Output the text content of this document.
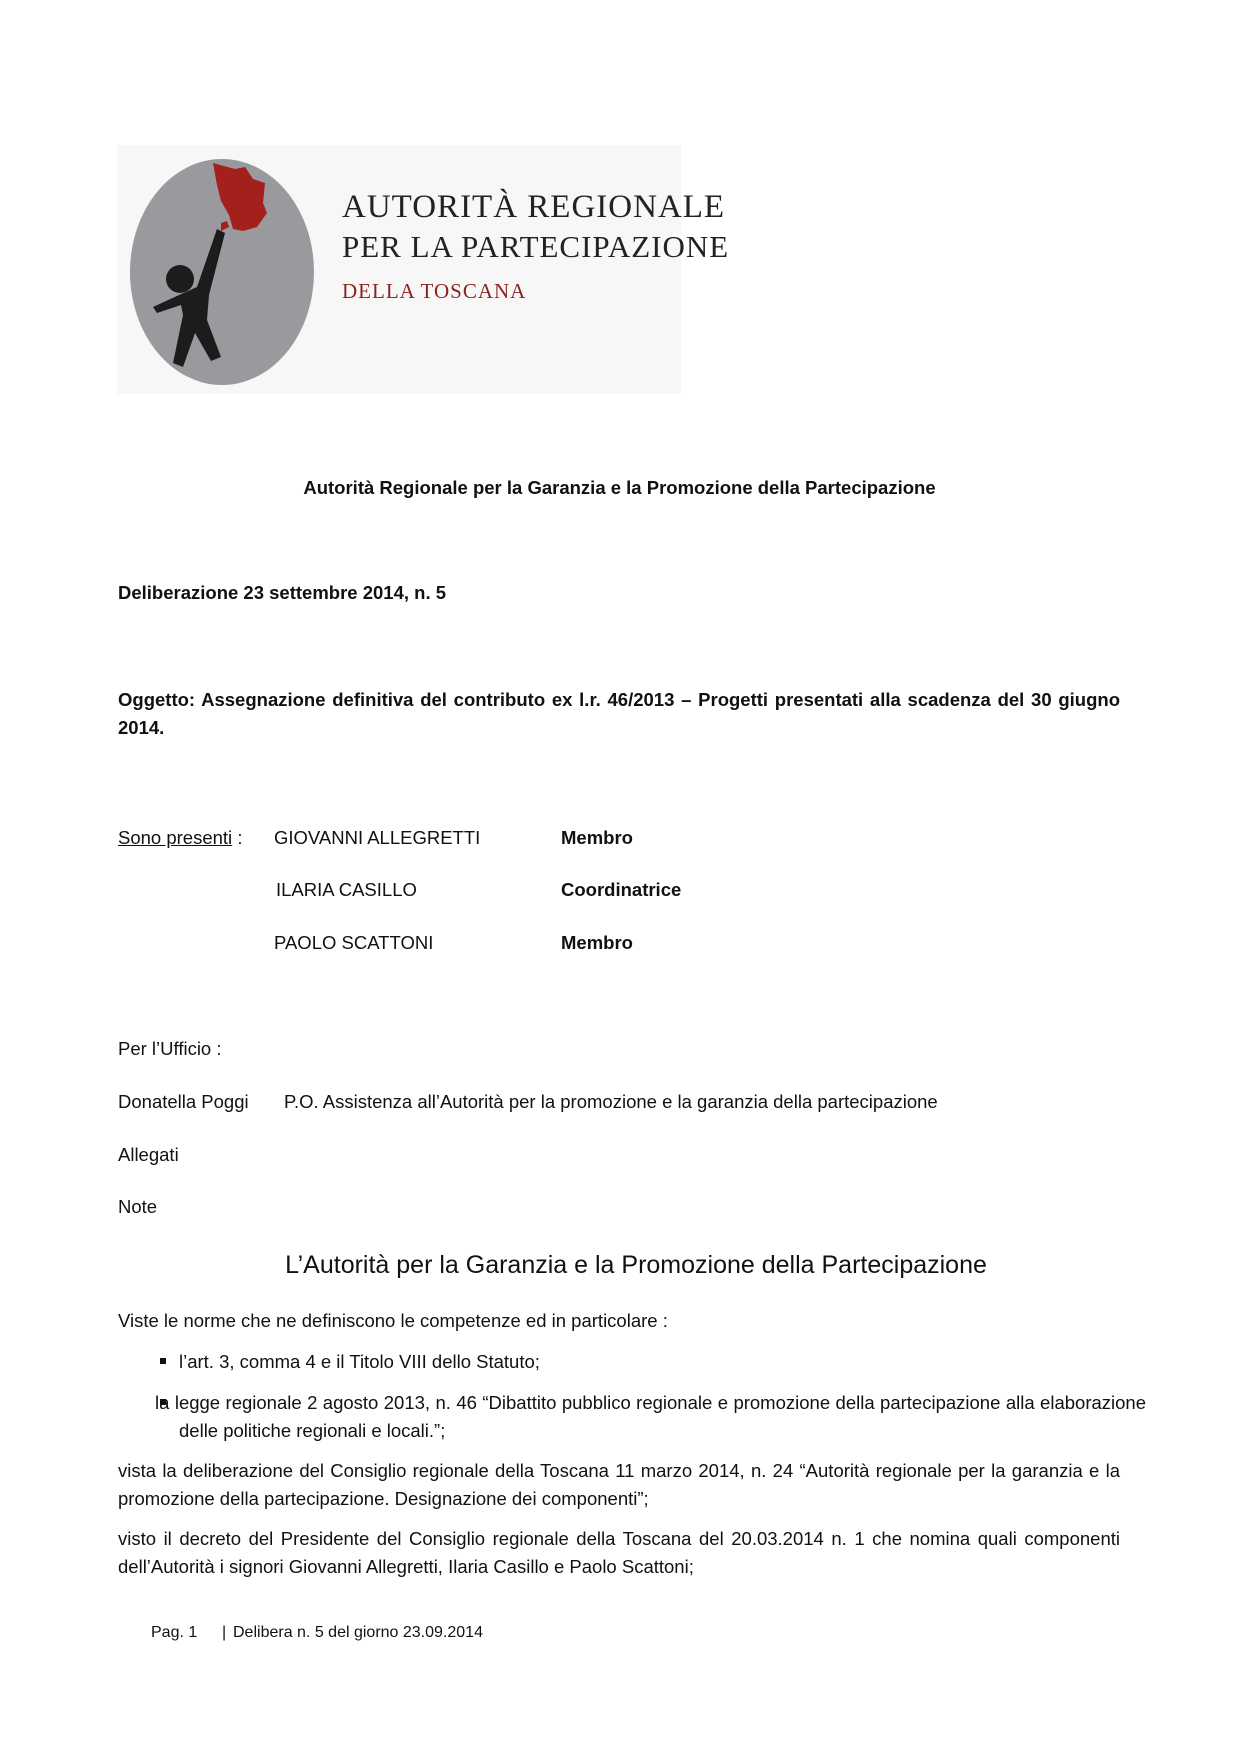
AUTORITÀ REGIONALE
PER LA PARTECIPAZIONE
DELLA TOSCANA
Autorità Regionale per la Garanzia e la Promozione della Partecipazione
Deliberazione 23 settembre 2014, n. 5
Oggetto: Assegnazione definitiva del contributo ex l.r. 46/2013 – Progetti presentati alla scadenza del 30 giugno 2014.
Sono presenti : GIOVANNI ALLEGRETTI	Membro
ILARIA CASILLO	Coordinatrice
PAOLO SCATTONI	Membro
Per l’Ufficio :
Donatella Poggi P.O. Assistenza all’Autorità per la promozione e la garanzia della partecipazione
Allegati
Note
L’Autorità per la Garanzia e la Promozione della Partecipazione
Viste le norme che ne definiscono le competenze ed in particolare :
l’art. 3, comma 4 e il Titolo VIII dello Statuto;
la legge regionale 2 agosto 2013, n. 46 “Dibattito pubblico regionale e promozione della partecipazione alla elaborazione delle politiche regionali e locali.”;
vista la deliberazione del Consiglio regionale della Toscana 11 marzo 2014, n. 24 “Autorità regionale per la garanzia e la promozione della partecipazione. Designazione dei componenti”;
visto il decreto del Presidente del Consiglio regionale della Toscana del 20.03.2014 n. 1 che nomina quali componenti dell’Autorità i signori Giovanni Allegretti, Ilaria Casillo e Paolo Scattoni;
Pag. 1 | Delibera n. 5 del giorno 23.09.2014
